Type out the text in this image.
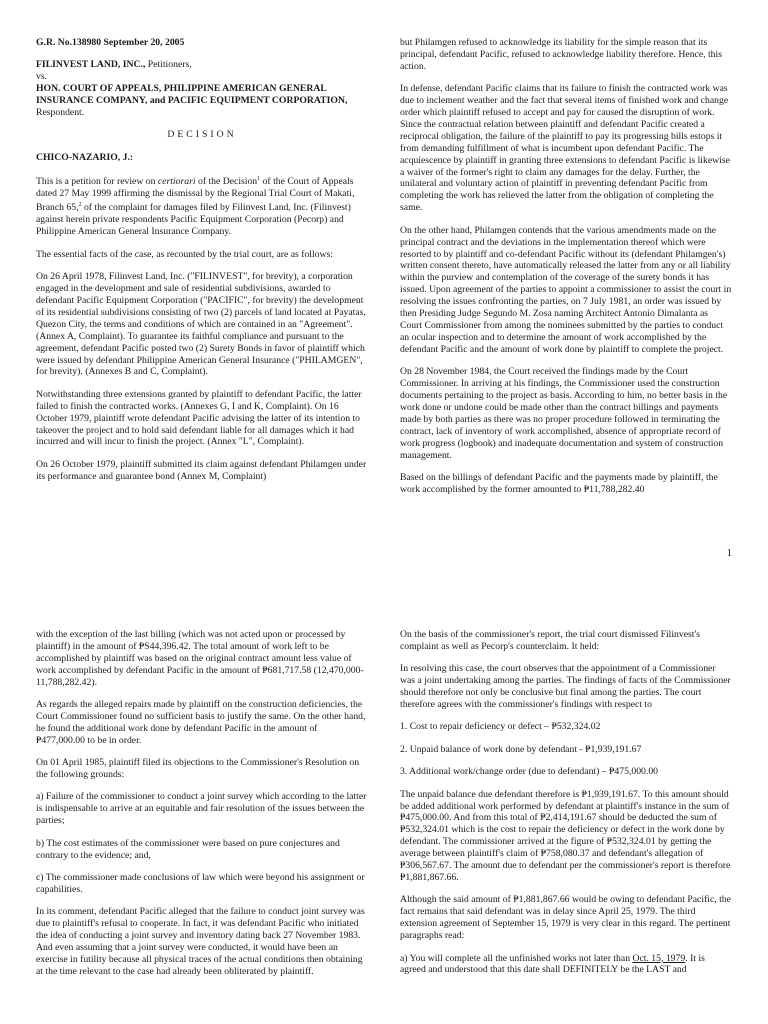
G.R. No.138980 September 20, 2005

FILINVEST LAND, INC., Petitioners,

vs.

HON. COURT OF APPEALS, PHILIPPINE AMERICAN GENERAL INSURANCE COMPANY, and PACIFIC EQUIPMENT CORPORATION, Respondent.

DECISION

CHICO-NAZARIO, J.:

This is a petition for review on certiorari of the Decision$^1$ of the Court of Appeals dated 27 May 1999 affirming the dismissal by the Regional Trial Court of Makati, Branch 65,$^2$ of the complaint for damages filed by Filinvest Land, Inc. (Filinvest) against herein private respondents Pacific Equipment Corporation (Pecorp) and Philippine American General Insurance Company.

The essential facts of the case, as recounted by the trial court, are as follows:

On 26 April 1978, Filinvest Land, Inc. ("FILINVEST", for brevity), a corporation engaged in the development and sale of residential subdivisions, awarded to defendant Pacific Equipment Corporation ("PACIFIC", for brevity) the development of its residential subdivisions consisting of two (2) parcels of land located at Payatas, Quezon City, the terms and conditions of which are contained in an "Agreement". (Annex A, Complaint). To guarantee its faithful compliance and pursuant to the agreement, defendant Pacific posted two (2) Surety Bonds in favor of plaintiff which were issued by defendant Philippine American General Insurance ("PHILAMGEN", for brevity). (Annexes B and C, Complaint).

Notwithstanding three extensions granted by plaintiff to defendant Pacific, the latter failed to finish the contracted works. (Annexes G, I and K, Complaint). On 16 October 1979, plaintiff wrote defendant Pacific advising the latter of its intention to takeover the project and to hold said defendant liable for all damages which it had incurred and will incur to finish the project. (Annex "L", Complaint).

On 26 October 1979, plaintiff submitted its claim against defendant Philamgen under its performance and guarantee bond (Annex M, Complaint)

but Philamgen refused to acknowledge its liability for the simple reason that its principal, defendant Pacific, refused to acknowledge liability therefore. Hence, this action.

In defense, defendant Pacific claims that its failure to finish the contracted work was due to inclement weather and the fact that several items of finished work and change order which plaintiff refused to accept and pay for caused the disruption of work. Since the contractual relation between plaintiff and defendant Pacific created a reciprocal obligation, the failure of the plaintiff to pay its progressing bills estops it from demanding fulfillment of what is incumbent upon defendant Pacific. The acquiescence by plaintiff in granting three extensions to defendant Pacific is likewise a waiver of the former's right to claim any damages for the delay. Further, the unilateral and voluntary action of plaintiff in preventing defendant Pacific from completing the work has relieved the latter from the obligation of completing the same.

On the other hand, Philamgen contends that the various amendments made on the principal contract and the deviations in the implementation thereof which were resorted to by plaintiff and co-defendant Pacific without its (defendant Philamgen's) written consent thereto, have automatically released the latter from any or all liability within the purview and contemplation of the coverage of the surety bonds it has issued. Upon agreement of the parties to appoint a commissioner to assist the court in resolving the issues confronting the parties, on 7 July 1981, an order was issued by then Presiding Judge Segundo M. Zosa naming Architect Antonio Dimalanta as Court Commissioner from among the nominees submitted by the parties to conduct an ocular inspection and to determine the amount of work accomplished by the defendant Pacific and the amount of work done by plaintiff to complete the project.

On 28 November 1984, the Court received the findings made by the Court Commissioner. In arriving at his findings, the Commissioner used the construction documents pertaining to the project as basis. According to him, no better basis in the work done or undone could be made other than the contract billings and payments made by both parties as there was no proper procedure followed in terminating the contract, lack of inventory of work accomplished, absence of appropriate record of work progress (logbook) and inadequate documentation and system of construction management.

Based on the billings of defendant Pacific and the payments made by plaintiff, the work accomplished by the former amounted to ₱11,788,282.40

1

with the exception of the last billing (which was not acted upon or processed by plaintiff) in the amount of ₱S44,396.42. The total amount of work left to be accomplished by plaintiff was based on the original contract amount less value of work accomplished by defendant Pacific in the amount of ₱681,717.58 (12,470,000-11,788,282.42).

As regards the alleged repairs made by plaintiff on the construction deficiencies, the Court Commissioner found no sufficient basis to justify the same. On the other hand, he found the additional work done by defendant Pacific in the amount of ₱477,000.00 to be in order.

On 01 April 1985, plaintiff filed its objections to the Commissioner's Resolution on the following grounds:

a) Failure of the commissioner to conduct a joint survey which according to the latter is indispensable to arrive at an equitable and fair resolution of the issues between the parties;

b) The cost estimates of the commissioner were based on pure conjectures and contrary to the evidence; and,

c) The commissioner made conclusions of law which were beyond his assignment or capabilities.

In its comment, defendant Pacific alleged that the failure to conduct joint survey was due to plaintiff's refusal to cooperate. In fact, it was defendant Pacific who initiated the idea of conducting a joint survey and inventory dating back 27 November 1983. And even assuming that a joint survey were conducted, it would have been an exercise in futility because all physical traces of the actual conditions then obtaining at the time relevant to the case had already been obliterated by plaintiff.

On the basis of the commissioner's report, the trial court dismissed Filinvest's complaint as well as Pecorp's counterclaim. It held:

In resolving this case, the court observes that the appointment of a Commissioner was a joint undertaking among the parties. The findings of facts of the Commissioner should therefore not only be conclusive but final among the parties. The court therefore agrees with the commissioner's findings with respect to

1. Cost to repair deficiency or defect – ₱532,324.02

2. Unpaid balance of work done by defendant - ₱1,939,191.67

3. Additional work/change order (due to defendant) – ₱475,000.00

The unpaid balance due defendant therefore is ₱1,939,191.67. To this amount should be added additional work performed by defendant at plaintiff's instance in the sum of ₱475,000.00. And from this total of ₱2,414,191.67 should be deducted the sum of ₱532,324.01 which is the cost to repair the deficiency or defect in the work done by defendant. The commissioner arrived at the figure of ₱532,324.01 by getting the average between plaintiff's claim of ₱758,080.37 and defendant's allegation of ₱306,567.67. The amount due to defendant per the commissioner's report is therefore ₱1,881,867.66.

Although the said amount of ₱1,881,867.66 would be owing to defendant Pacific, the fact remains that said defendant was in delay since April 25, 1979. The third extension agreement of September 15, 1979 is very clear in this regard. The pertinent paragraphs read:

a) You will complete all the unfinished works not later than Oct. 15, 1979. It is agreed and understood that this date shall DEFINITELY be the LAST and
